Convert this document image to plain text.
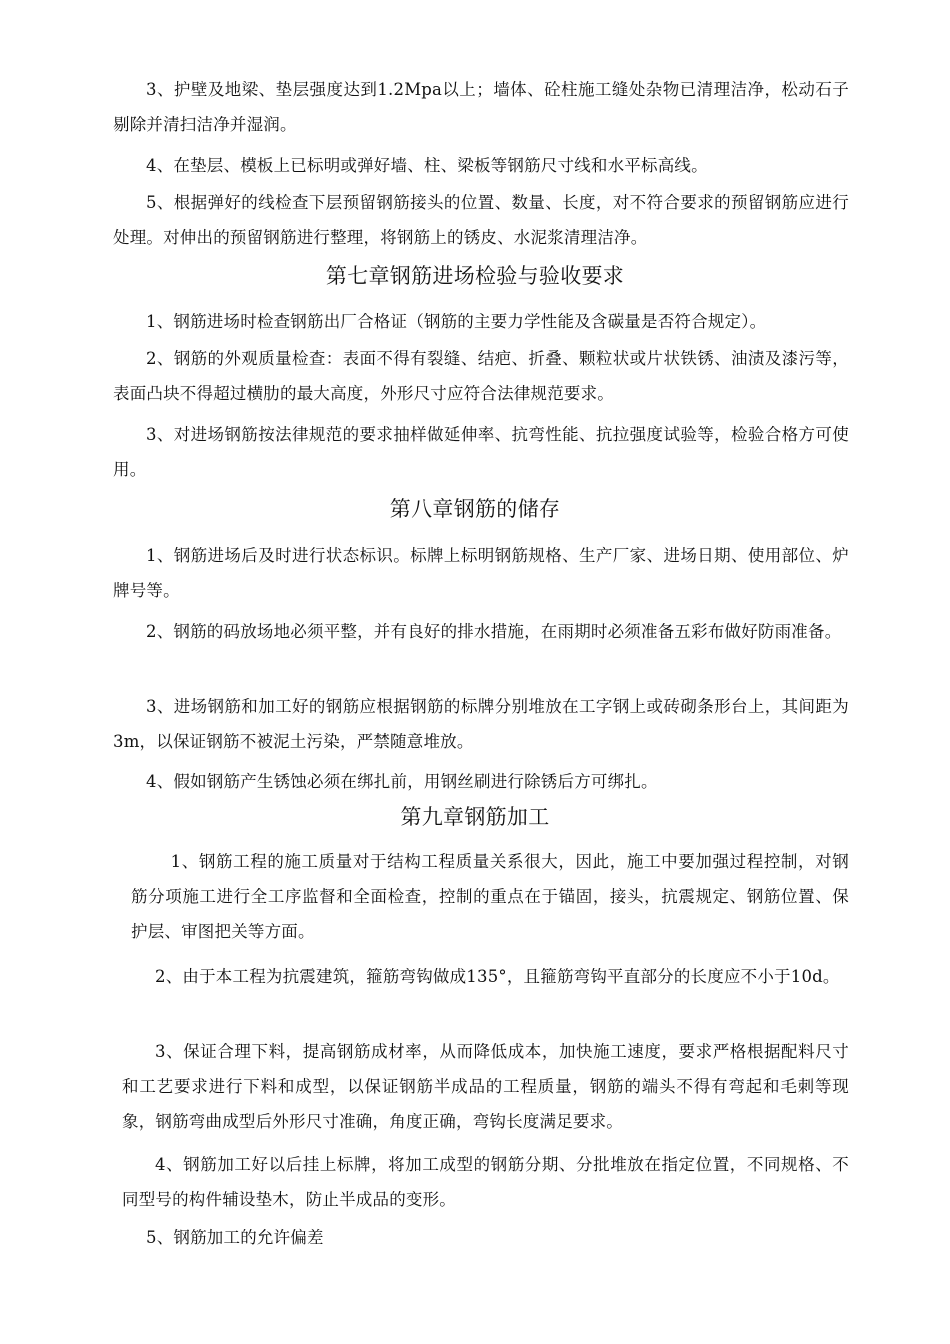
3、护壁及地梁、垫层强度达到1.2Mpa以上；墙体、砼柱施工缝处杂物已清理洁净，松动石子剔除并清扫洁净并湿润。

4、在垫层、模板上已标明或弹好墙、柱、梁板等钢筋尺寸线和水平标高线。

5、根据弹好的线检查下层预留钢筋接头的位置、数量、长度，对不符合要求的预留钢筋应进行处理。对伸出的预留钢筋进行整理，将钢筋上的锈皮、水泥浆清理洁净。

第七章钢筋进场检验与验收要求

1、钢筋进场时检查钢筋出厂合格证（钢筋的主要力学性能及含碳量是否符合规定）。

2、钢筋的外观质量检查：表面不得有裂缝、结疤、折叠、颗粒状或片状铁锈、油渍及漆污等，表面凸块不得超过横肋的最大高度，外形尺寸应符合法律规范要求。

3、对进场钢筋按法律规范的要求抽样做延伸率、抗弯性能、抗拉强度试验等，检验合格方可使用。

第八章钢筋的储存

1、钢筋进场后及时进行状态标识。标牌上标明钢筋规格、生产厂家、进场日期、使用部位、炉牌号等。

2、钢筋的码放场地必须平整，并有良好的排水措施，在雨期时必须准备五彩布做好防雨准备。

3、进场钢筋和加工好的钢筋应根据钢筋的标牌分别堆放在工字钢上或砖砌条形台上，其间距为3m，以保证钢筋不被泥土污染，严禁随意堆放。

4、假如钢筋产生锈蚀必须在绑扎前，用钢丝刷进行除锈后方可绑扎。

第九章钢筋加工

1、钢筋工程的施工质量对于结构工程质量关系很大，因此，施工中要加强过程控制，对钢筋分项施工进行全工序监督和全面检查，控制的重点在于锚固，接头，抗震规定、钢筋位置、保护层、审图把关等方面。

2、由于本工程为抗震建筑，箍筋弯钩做成135°，且箍筋弯钩平直部分的长度应不小于10d。

3、保证合理下料，提高钢筋成材率，从而降低成本，加快施工速度，要求严格根据配料尺寸和工艺要求进行下料和成型，以保证钢筋半成品的工程质量，钢筋的端头不得有弯起和毛刺等现象，钢筋弯曲成型后外形尺寸准确，角度正确，弯钩长度满足要求。

4、钢筋加工好以后挂上标牌，将加工成型的钢筋分期、分批堆放在指定位置，不同规格、不同型号的构件辅设垫木，防止半成品的变形。

5、钢筋加工的允许偏差
